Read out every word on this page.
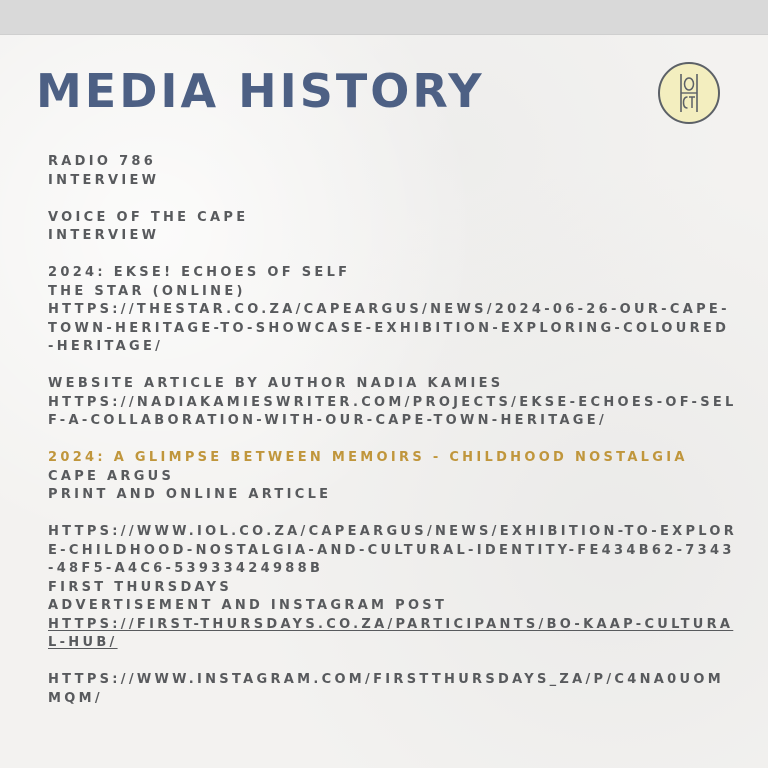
MEDIA HISTORY
RADIO 786
INTERVIEW
VOICE OF THE CAPE
INTERVIEW
2024: EKSE! ECHOES OF SELF
THE STAR (ONLINE)
HTTPS://THESTAR.CO.ZA/CAPEARGUS/NEWS/2024-06-26-OUR-CAPE-TOWN-HERITAGE-TO-SHOWCASE-EXHIBITION-EXPLORING-COLOURED-HERITAGE/
WEBSITE ARTICLE BY AUTHOR NADIA KAMIES
HTTPS://NADIAKAMIESWRITER.COM/PROJECTS/EKSE-ECHOES-OF-SELF-A-COLLABORATION-WITH-OUR-CAPE-TOWN-HERITAGE/
2024: A GLIMPSE BETWEEN MEMOIRS - CHILDHOOD NOSTALGIA
CAPE ARGUS
PRINT AND ONLINE ARTICLE
HTTPS://WWW.IOL.CO.ZA/CAPEARGUS/NEWS/EXHIBITION-TO-EXPLORE-CHILDHOOD-NOSTALGIA-AND-CULTURAL-IDENTITY-FE434B62-7343-48F5-A4C6-53933424988B
FIRST THURSDAYS
ADVERTISEMENT AND INSTAGRAM POST
HTTPS://FIRST-THURSDAYS.CO.ZA/PARTICIPANTS/BO-KAAP-CULTURAL-HUB/
HTTPS://WWW.INSTAGRAM.COM/FIRSTTHURSDAYS_ZA/P/C4NA0UOMMQM/
